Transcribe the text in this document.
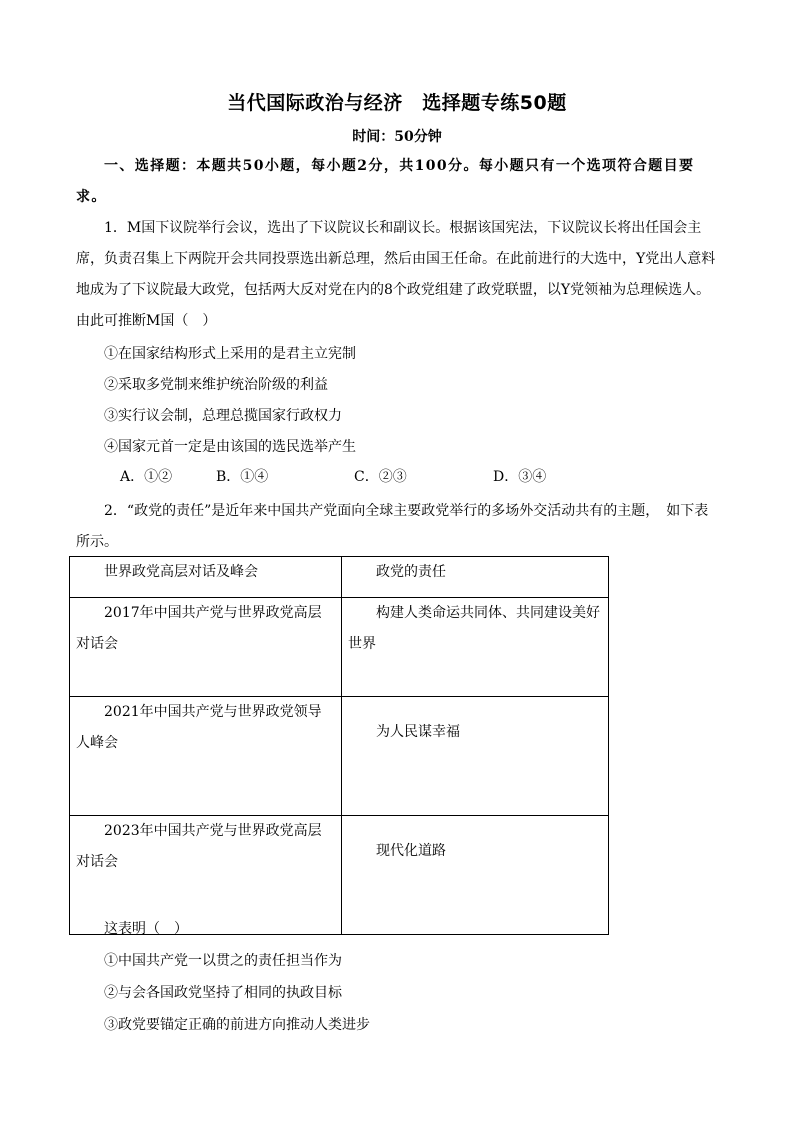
当代国际政治与经济　选择题专练50题
时间：50分钟
一、选择题：本题共50小题，每小题2分，共100分。每小题只有一个选项符合题目要求。
1．M国下议院举行会议，选出了下议院议长和副议长。根据该国宪法，下议院议长将出任国会主席，负责召集上下两院开会共同投票选出新总理，然后由国王任命。在此前进行的大选中，Y党出人意料地成为了下议院最大政党，包括两大反对党在内的8个政党组建了政党联盟，以Y党领袖为总理候选人。由此可推断M国（　）
①在国家结构形式上采用的是君主立宪制
②采取多党制来维护统治阶级的利益
③实行议会制，总理总揽国家行政权力
④国家元首一定是由该国的选民选举产生
A．①②	B．①④	C．②③	D．③④
2．“政党的责任”是近年来中国共产党面向全球主要政党举行的多场外交活动共有的主题，　如下表所示。
世界政党高层对话及峰会	政党的责任
2017年中国共产党与世界政党高层对话会	构建人类命运共同体、共同建设美好世界
2021年中国共产党与世界政党领导人峰会	为人民谋幸福
2023年中国共产党与世界政党高层对话会	现代化道路
这表明（　）
①中国共产党一以贯之的责任担当作为
②与会各国政党坚持了相同的执政目标
③政党要锚定正确的前进方向推动人类进步
